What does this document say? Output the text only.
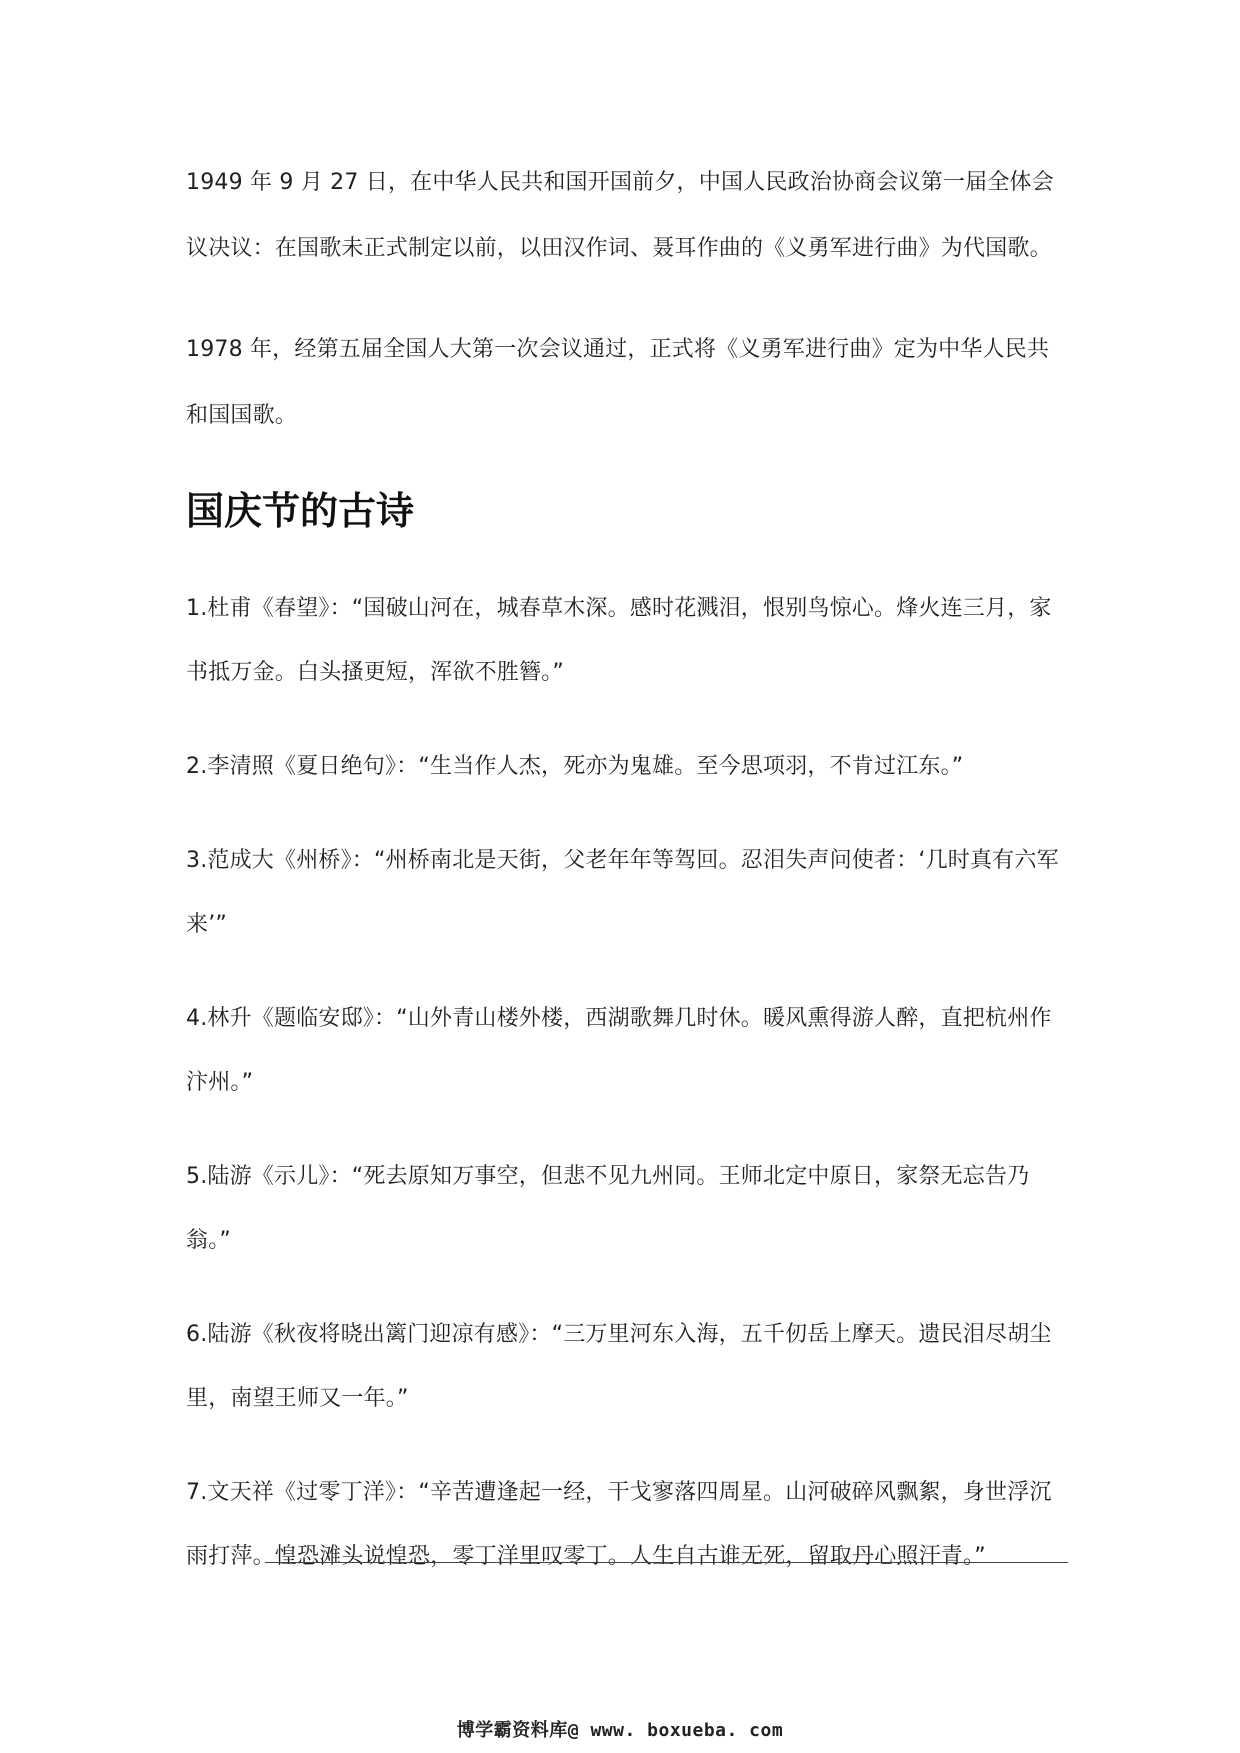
1949 年 9 月 27 日，在中华人民共和国开国前夕，中国人民政治协商会议第一届全体会议决议：在国歌未正式制定以前，以田汉作词、聂耳作曲的《义勇军进行曲》为代国歌。

1978 年，经第五届全国人大第一次会议通过，正式将《义勇军进行曲》定为中华人民共和国国歌。

国庆节的古诗

1.杜甫《春望》：“国破山河在，城春草木深。感时花溅泪，恨别鸟惊心。烽火连三月，家书抵万金。白头搔更短，浑欲不胜簪。”

2.李清照《夏日绝句》：“生当作人杰，死亦为鬼雄。至今思项羽，不肯过江东。”

3.范成大《州桥》：“州桥南北是天街，父老年年等驾回。忍泪失声问使者：‘几时真有六军来’”

4.林升《题临安邸》：“山外青山楼外楼，西湖歌舞几时休。暖风熏得游人醉，直把杭州作汴州。”

5.陆游《示儿》：“死去原知万事空，但悲不见九州同。王师北定中原日，家祭无忘告乃翁。”

6.陆游《秋夜将晓出篱门迎凉有感》：“三万里河东入海，五千仞岳上摩天。遗民泪尽胡尘里，南望王师又一年。”

7.文天祥《过零丁洋》：“辛苦遭逢起一经，干戈寥落四周星。山河破碎风飘絮，身世浮沉雨打萍。惶恐滩头说惶恐，零丁洋里叹零丁。人生自古谁无死，留取丹心照汗青。”

博学霸资料库@ www. boxueba. com
